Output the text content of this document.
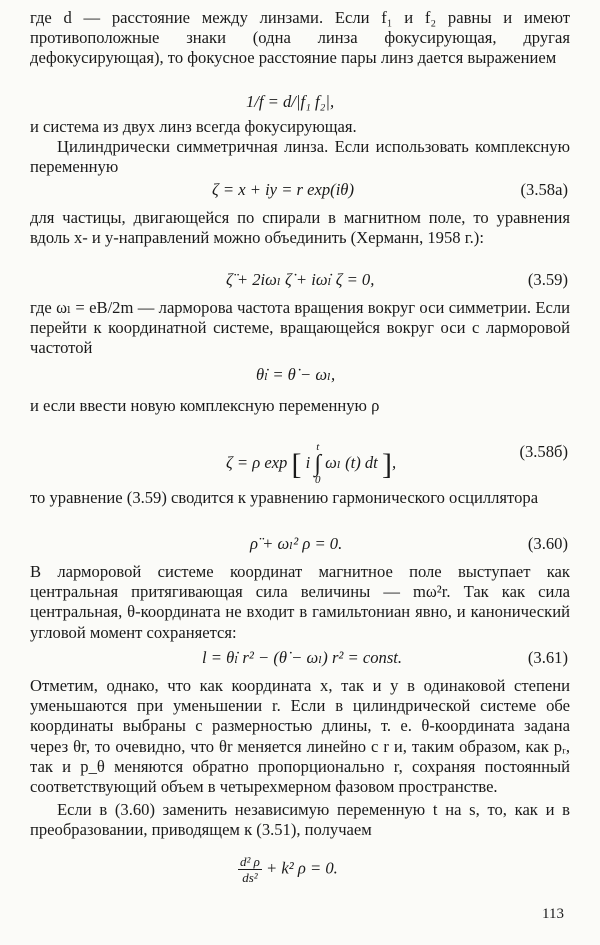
где d — расстояние между линзами. Если f₁ и f₂ равны и имеют противоположные знаки (одна линза фокусирующая, другая дефокусирующая), то фокусное расстояние пары линз дается выражением

1/f = d/|f₁ f₂|,

и система из двух линз всегда фокусирующая.

Цилиндрически симметричная линза. Если использовать комплексную переменную

ζ = x + iy = r exp(iθ)	(3.58а)

для частицы, двигающейся по спирали в магнитном поле, то уравнения вдоль x- и y-направлений можно объединить (Херманн, 1958 г.):

ζ̈ + 2iωₗ ζ̇ + iω̇ₗ ζ = 0,	(3.59)

где ωₗ = eB/2m — ларморова частота вращения вокруг оси симметрии. Если перейти к координатной системе, вращающейся вокруг оси с ларморовой частотой

θ̇ₗ = θ̇ − ωₗ,

и если ввести новую комплексную переменную ρ

ζ = ρ exp [ i t
∫
0 ωₗ (t) dt ],
(3.58б)

то уравнение (3.59) сводится к уравнению гармонического осциллятора

ρ̈ + ωₗ² ρ = 0.	(3.60)

В ларморовой системе координат магнитное поле выступает как центральная притягивающая сила величины — mω²r. Так как сила центральная, θ-координата не входит в гамильтониан явно, и канонический угловой момент сохраняется:

l = θ̇ₗ r² − (θ̇ − ωₗ) r² = const.	(3.61)

Отметим, однако, что как координата x, так и y в одинаковой степени уменьшаются при уменьшении r. Если в цилиндрической системе обе координаты выбраны с размерностью длины, т. е. θ-координата задана через θr, то очевидно, что θr меняется линейно с r и, таким образом, как pᵣ, так и p_θ меняются обратно пропорционально r, сохраняя постоянный соответствующий объем в четырехмерном фазовом пространстве.

Если в (3.60) заменить независимую переменную t на s, то, как и в преобразовании, приводящем к (3.51), получаем

$\frac{\text{d² ρ}}{\text{ds²}} + k^2$ ρ = 0.
113
